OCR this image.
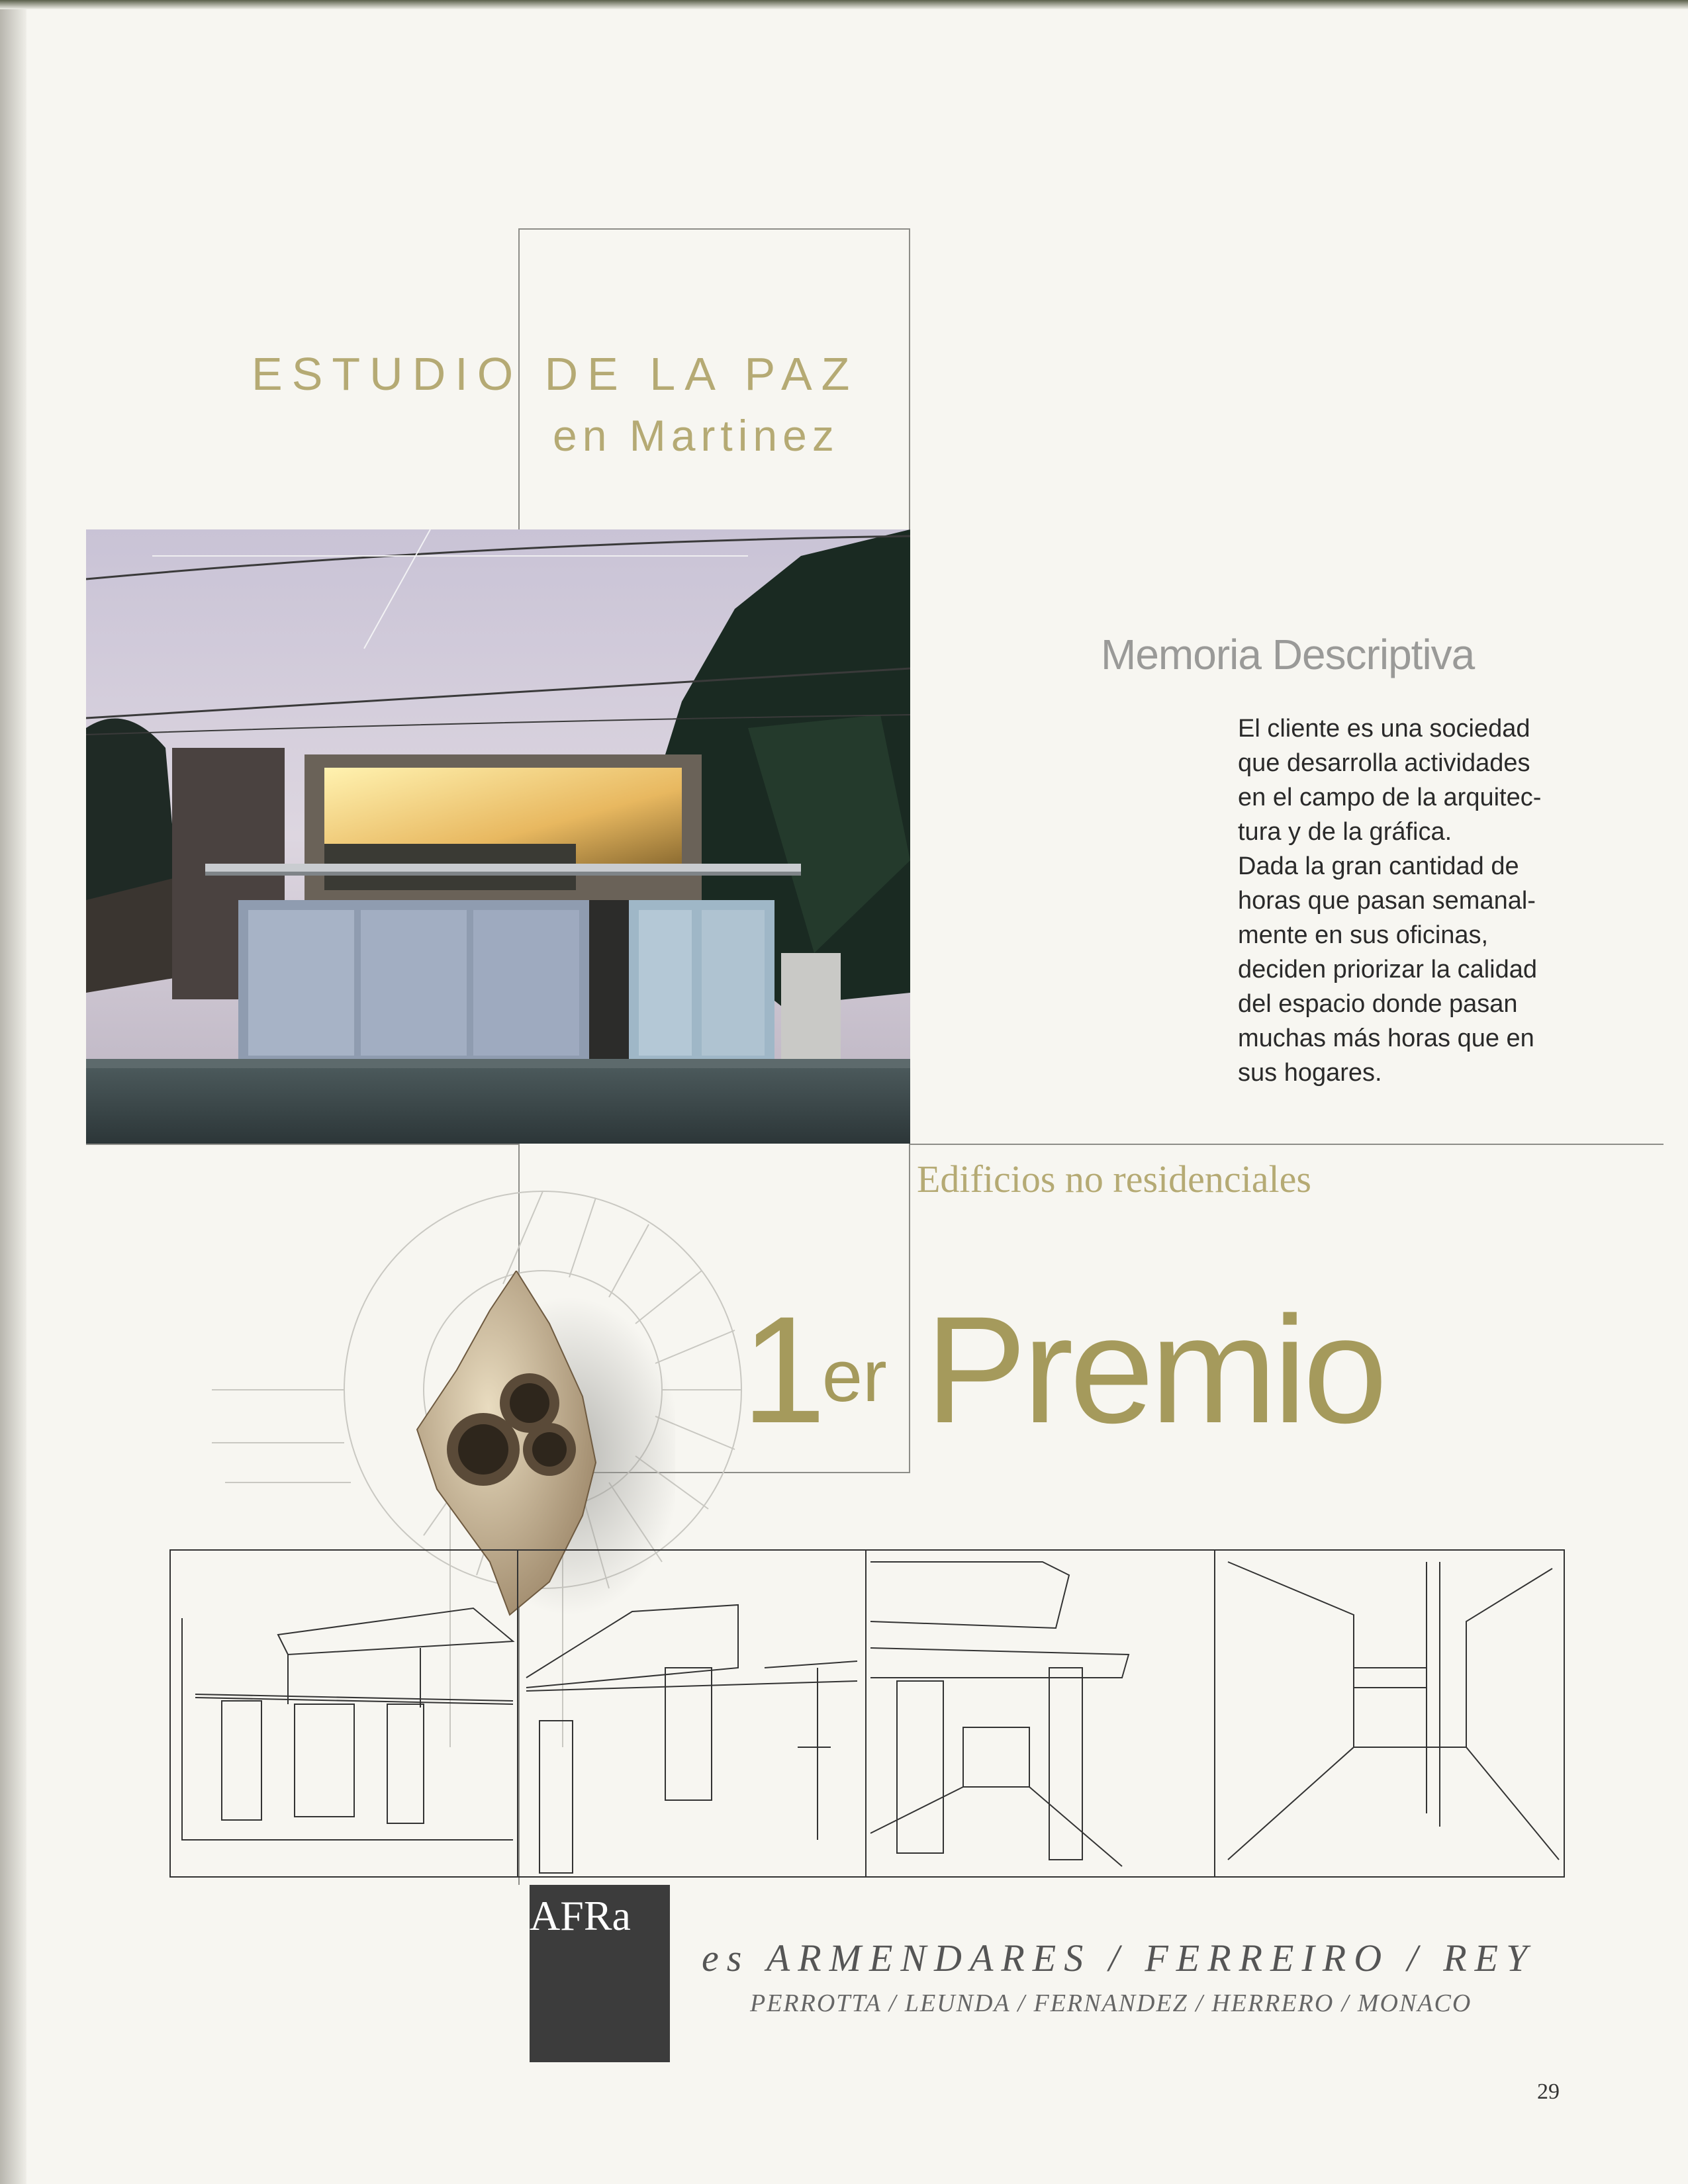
ESTUDIO DE LA PAZ
en Martinez
Memoria Descriptiva

El cliente es una sociedad

que desarrolla actividades

en el campo de la arquitec-

tura y de la gráfica.

Dada la gran cantidad de

horas que pasan semanal-

mente en sus oficinas,

deciden priorizar la calidad

del espacio donde pasan

muchas más horas que en

sus hogares.

Edificios no residenciales
1er Premio
AFRa
es ARMENDARES / FERREIRO / REY
PERROTTA / LEUNDA / FERNANDEZ / HERRERO / MONACO
29
